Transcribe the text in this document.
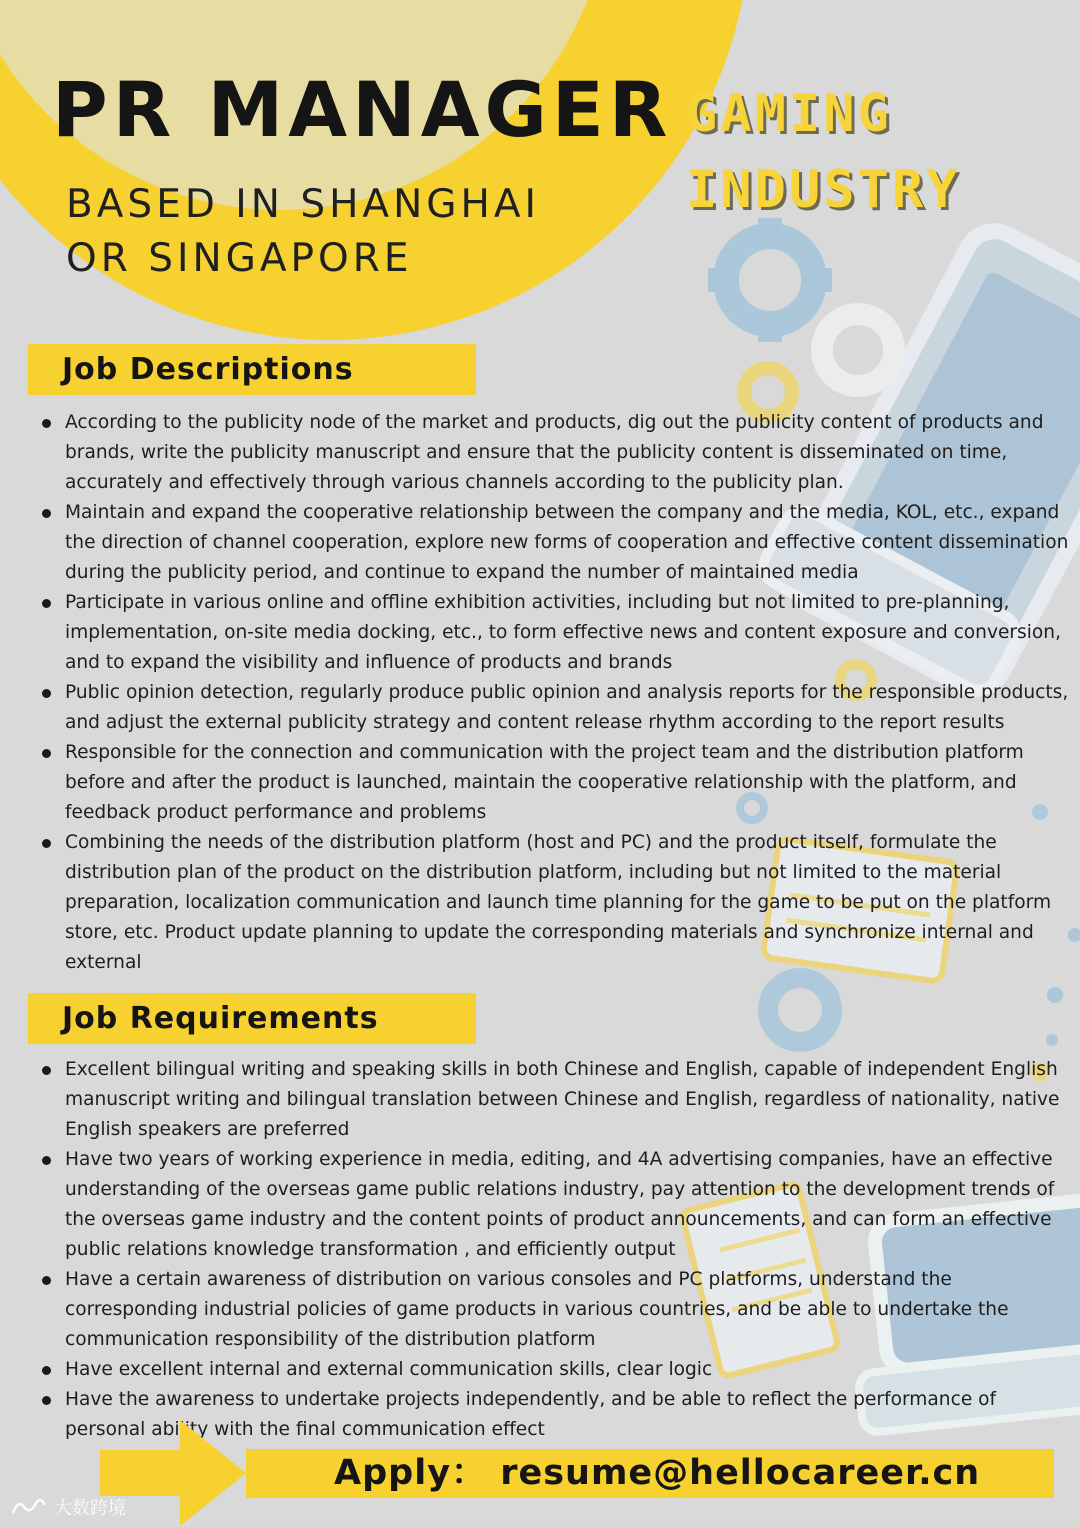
PR MANAGER
BASED IN SHANGHAI
OR SINGAPORE
GAMING
INDUSTRY
Job Descriptions
According to the publicity node of the market and products, dig out the publicity content of products and brands, write the publicity manuscript and ensure that the publicity content is disseminated on time, accurately and effectively through various channels according to the publicity plan.
Maintain and expand the cooperative relationship between the company and the media, KOL, etc., expand the direction of channel cooperation, explore new forms of cooperation and effective content dissemination during the publicity period, and continue to expand the number of maintained media
Participate in various online and offline exhibition activities, including but not limited to pre-planning, implementation, on-site media docking, etc., to form effective news and content exposure and conversion, and to expand the visibility and influence of products and brands
Public opinion detection, regularly produce public opinion and analysis reports for the responsible products, and adjust the external publicity strategy and content release rhythm according to the report results
Responsible for the connection and communication with the project team and the distribution platform before and after the product is launched, maintain the cooperative relationship with the platform, and feedback product performance and problems
Combining the needs of the distribution platform (host and PC) and the product itself, formulate the distribution plan of the product on the distribution platform, including but not limited to the material preparation, localization communication and launch time planning for the game to be put on the platform store, etc. Product update planning to update the corresponding materials and synchronize internal and external
Job Requirements
Excellent bilingual writing and speaking skills in both Chinese and English, capable of independent English manuscript writing and bilingual translation between Chinese and English, regardless of nationality, native English speakers are preferred
Have two years of working experience in media, editing, and 4A advertising companies, have an effective understanding of the overseas game public relations industry, pay attention to the development trends of the overseas game industry and the content points of product announcements, and can form an effective public relations knowledge transformation , and efficiently output
Have a certain awareness of distribution on various consoles and PC platforms, understand the corresponding industrial policies of game products in various countries, and be able to undertake the communication responsibility of the distribution platform
Have excellent internal and external communication skills, clear logic
Have the awareness to undertake projects independently, and be able to reflect the performance of personal ability with the final communication effect
Apply： resume@hellocareer.cn
大数跨境
